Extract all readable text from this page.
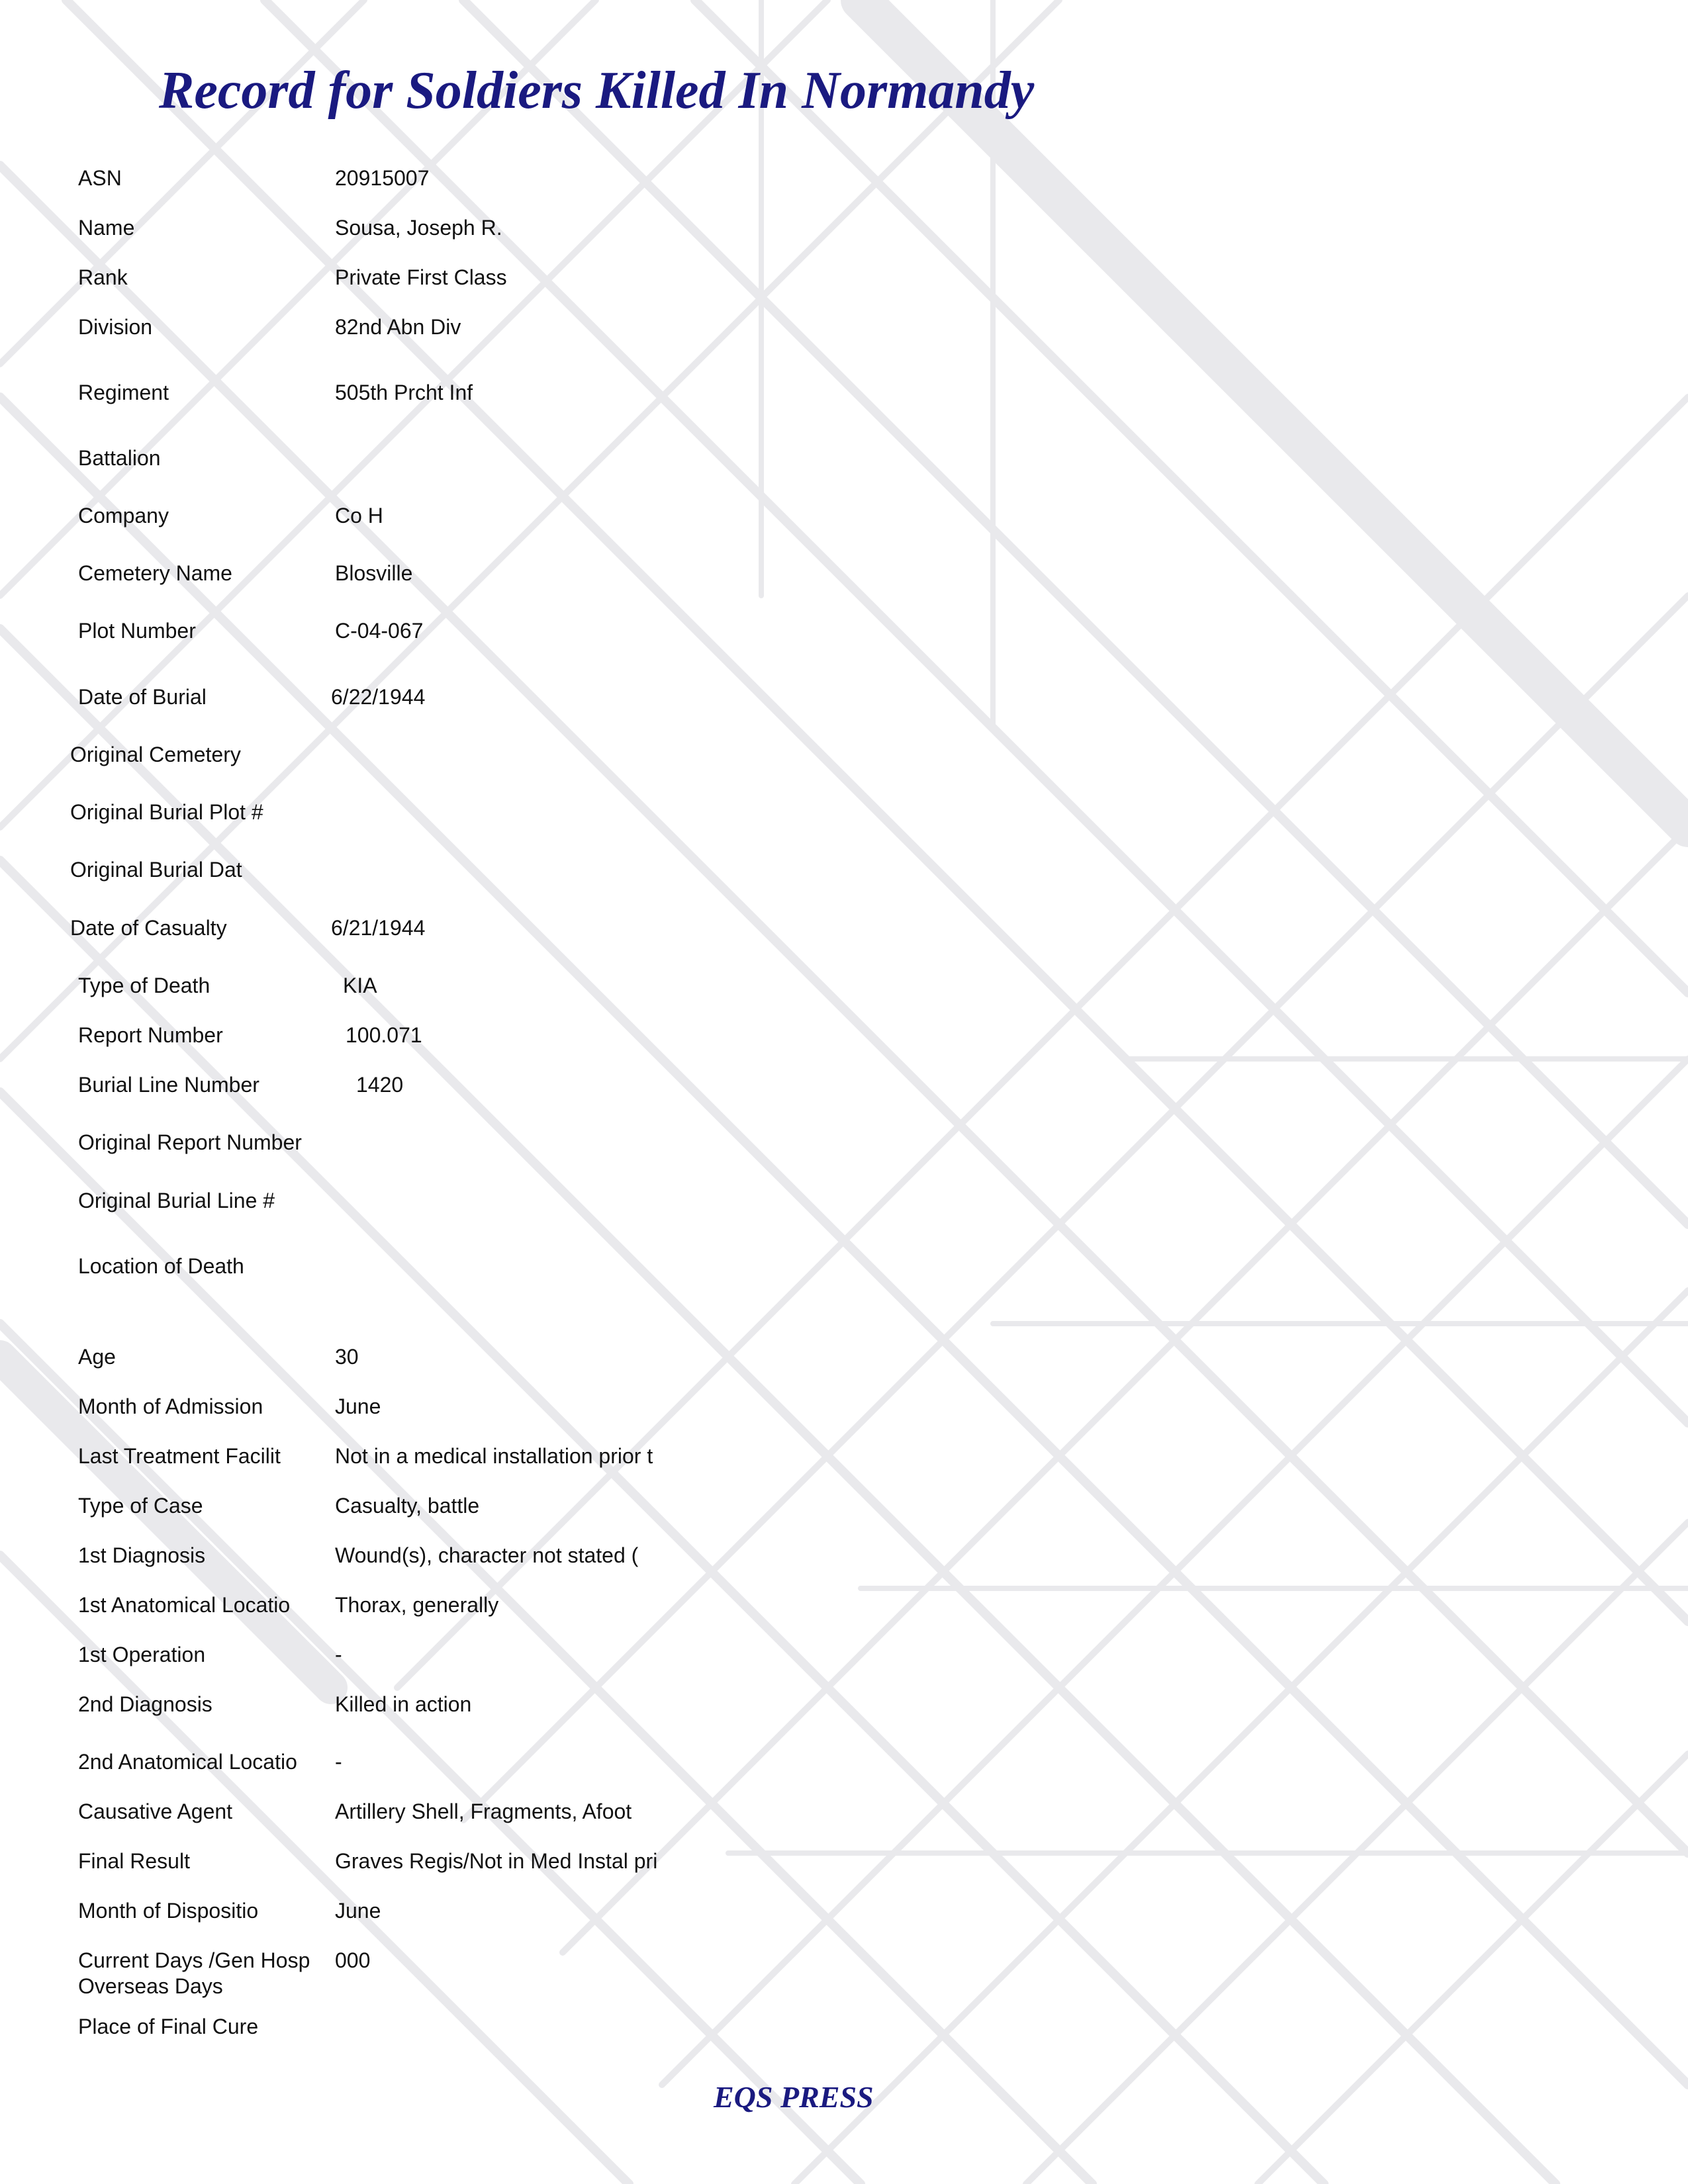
Record for Soldiers Killed In Normandy
ASN	20915007
Name	Sousa, Joseph R.
Rank	Private First Class
Division	82nd Abn Div
Regiment	505th Prcht Inf
Battalion
Company	Co H
Cemetery Name	Blosville
Plot Number	C-04-067
Date of Burial	6/22/1944
Original Cemetery
Original Burial Plot #
Original Burial Dat
Date of Casualty	6/21/1944
Type of Death	KIA
Report Number	100.071
Burial Line Number	1420
Original Report Number
Original Burial Line #
Location of Death
Age	30
Month of Admission	June
Last Treatment Facilit	Not in a medical installation prior t
Type of Case	Casualty, battle
1st Diagnosis	Wound(s), character not stated (
1st Anatomical Locatio Thorax, generally
1st Operation	-
2nd Diagnosis	Killed in action
2nd Anatomical Locatio -
Causative Agent	Artillery Shell, Fragments, Afoot
Final Result	Graves Regis/Not in Med Instal pri
Month of Dispositio	June
Current Days /Gen Hosp 000
Overseas Days
Place of Final Cure
EQS PRESS
